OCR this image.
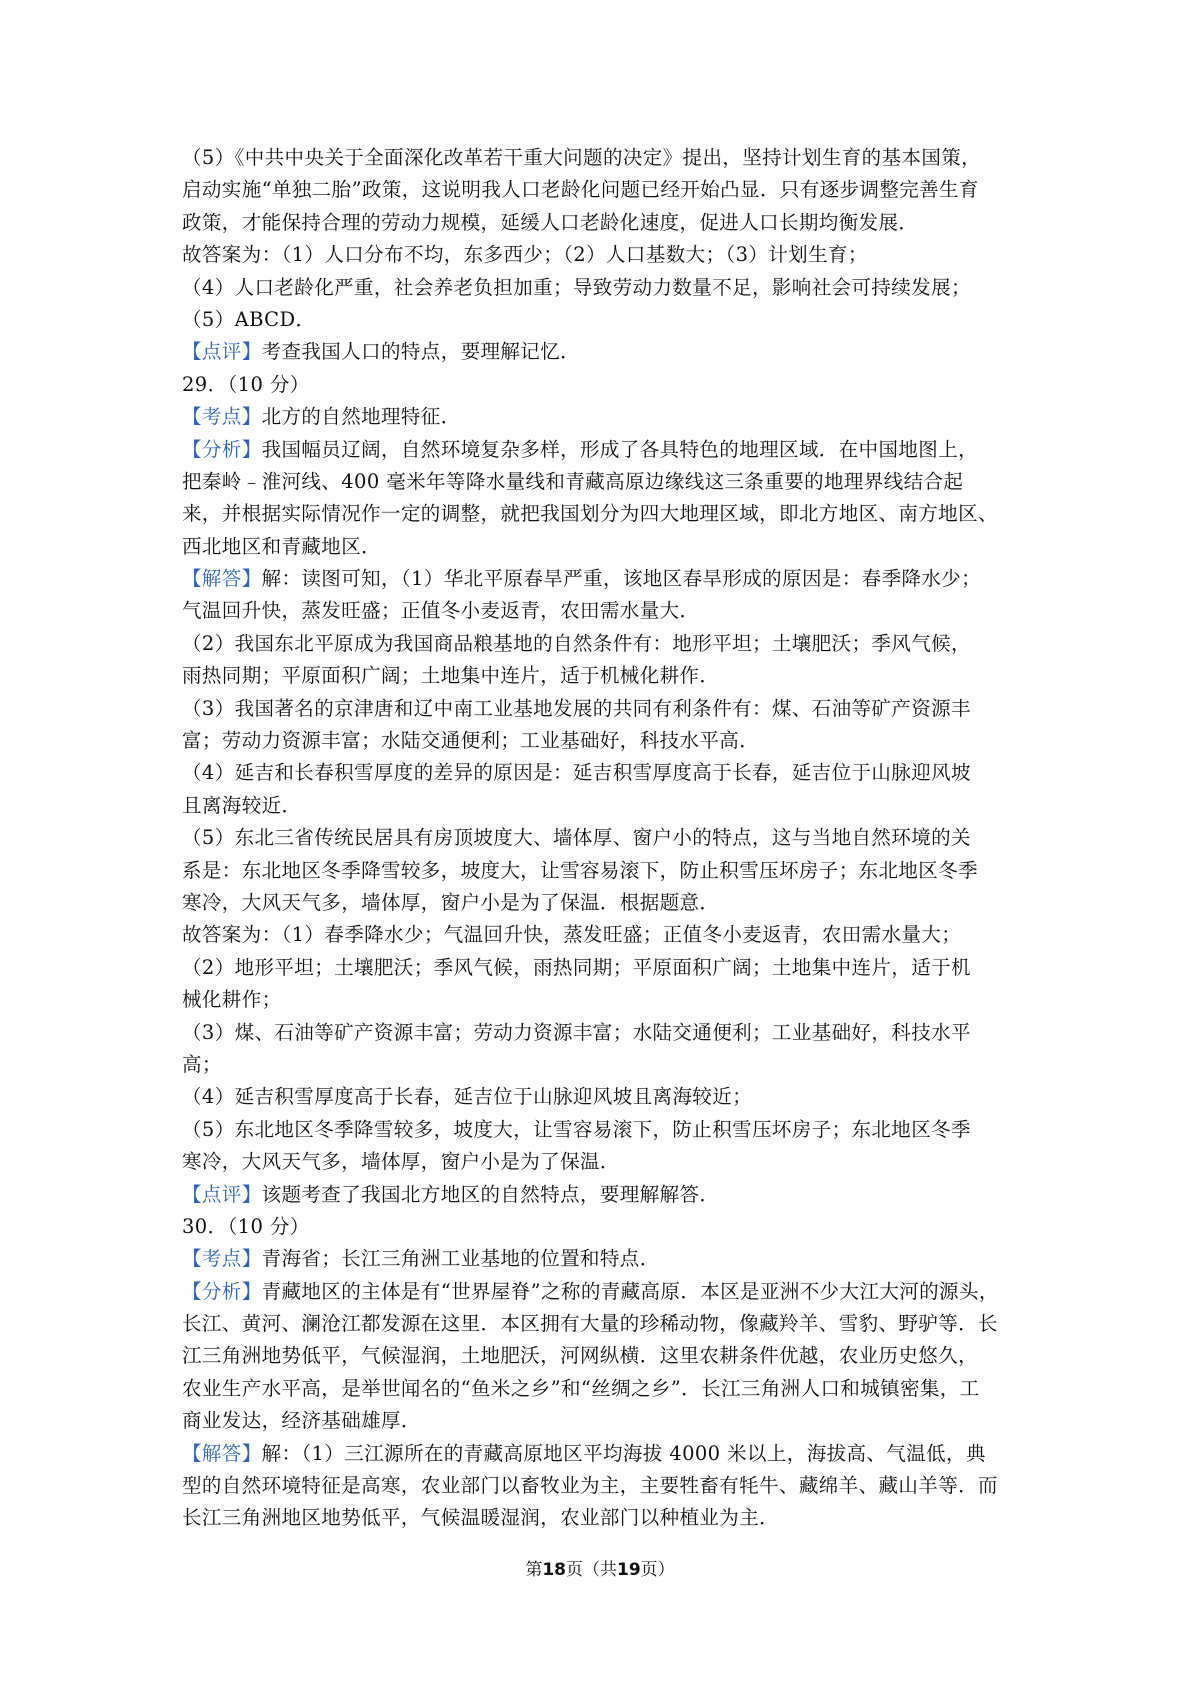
（5）《中共中央关于全面深化改革若干重大问题的决定》提出，坚持计划生育的基本国策，
启动实施“单独二胎”政策，这说明我人口老龄化问题已经开始凸显．只有逐步调整完善生育
政策，才能保持合理的劳动力规模，延缓人口老龄化速度，促进人口长期均衡发展．
故答案为：（1）人口分布不均，东多西少；（2）人口基数大；（3）计划生育；
（4）人口老龄化严重，社会养老负担加重；导致劳动力数量不足，影响社会可持续发展；
（5）ABCD．
【点评】考查我国人口的特点，要理解记忆．
29．（10 分）
【考点】北方的自然地理特征．
【分析】我国幅员辽阔，自然环境复杂多样，形成了各具特色的地理区域．在中国地图上，
把秦岭﹣淮河线、400 毫米年等降水量线和青藏高原边缘线这三条重要的地理界线结合起
来，并根据实际情况作一定的调整，就把我国划分为四大地理区域，即北方地区、南方地区、
西北地区和青藏地区．
【解答】解：读图可知，（1）华北平原春旱严重，该地区春旱形成的原因是：春季降水少；
气温回升快，蒸发旺盛；正值冬小麦返青，农田需水量大．
（2）我国东北平原成为我国商品粮基地的自然条件有：地形平坦；土壤肥沃；季风气候，
雨热同期；平原面积广阔；土地集中连片，适于机械化耕作．
（3）我国著名的京津唐和辽中南工业基地发展的共同有利条件有：煤、石油等矿产资源丰
富；劳动力资源丰富；水陆交通便利；工业基础好，科技水平高．
（4）延吉和长春积雪厚度的差异的原因是：延吉积雪厚度高于长春，延吉位于山脉迎风坡
且离海较近．
（5）东北三省传统民居具有房顶坡度大、墙体厚、窗户小的特点，这与当地自然环境的关
系是：东北地区冬季降雪较多，坡度大，让雪容易滚下，防止积雪压坏房子；东北地区冬季
寒冷，大风天气多，墙体厚，窗户小是为了保温．根据题意．
故答案为：（1）春季降水少；气温回升快，蒸发旺盛；正值冬小麦返青，农田需水量大；
（2）地形平坦；土壤肥沃；季风气候，雨热同期；平原面积广阔；土地集中连片，适于机
械化耕作；
（3）煤、石油等矿产资源丰富；劳动力资源丰富；水陆交通便利；工业基础好，科技水平
高；
（4）延吉积雪厚度高于长春，延吉位于山脉迎风坡且离海较近；
（5）东北地区冬季降雪较多，坡度大，让雪容易滚下，防止积雪压坏房子；东北地区冬季
寒冷，大风天气多，墙体厚，窗户小是为了保温．
【点评】该题考查了我国北方地区的自然特点，要理解解答．
30．（10 分）
【考点】青海省；长江三角洲工业基地的位置和特点．
【分析】青藏地区的主体是有“世界屋脊”之称的青藏高原．本区是亚洲不少大江大河的源头，
长江、黄河、澜沧江都发源在这里．本区拥有大量的珍稀动物，像藏羚羊、雪豹、野驴等．长
江三角洲地势低平，气候湿润，土地肥沃，河网纵横．这里农耕条件优越，农业历史悠久，
农业生产水平高，是举世闻名的“鱼米之乡”和“丝绸之乡”．长江三角洲人口和城镇密集，工
商业发达，经济基础雄厚．
【解答】解：（1）三江源所在的青藏高原地区平均海拔 4000 米以上，海拔高、气温低，典
型的自然环境特征是高寒，农业部门以畜牧业为主，主要牲畜有牦牛、藏绵羊、藏山羊等．而
长江三角洲地区地势低平，气候温暖湿润，农业部门以种植业为主．
第18页（共19页）
